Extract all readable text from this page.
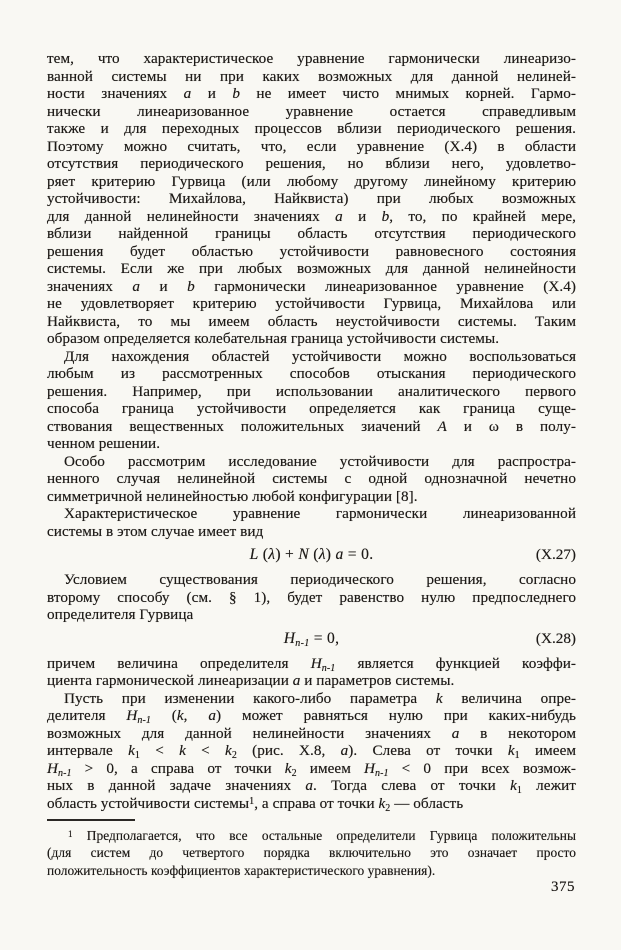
тем, что характеристическое уравнение гармонически линеаризо-
ванной системы ни при каких возможных для данной нелиней-
ности значениях a и b не имеет чисто мнимых корней. Гармо-
нически линеаризованное уравнение остается справедливым
также и для переходных процессов вблизи периодического решения.
Поэтому можно считать, что, если уравнение (X.4) в области
отсутствия периодического решения, но вблизи него, удовлетво-
ряет критерию Гурвица (или любому другому линейному критерию
устойчивости: Михайлова, Найквиста) при любых возможных
для данной нелинейности значениях a и b, то, по крайней мере,
вблизи найденной границы область отсутствия периодического
решения будет областью устойчивости равновесного состояния
системы. Если же при любых возможных для данной нелинейности
значениях a и b гармонически линеаризованное уравнение (X.4)
не удовлетворяет критерию устойчивости Гурвица, Михайлова или
Найквиста, то мы имеем область неустойчивости системы. Таким
образом определяется колебательная граница устойчивости системы.
Для нахождения областей устойчивости можно воспользоваться
любым из рассмотренных способов отыскания периодического
решения. Например, при использовании аналитического первого
способа граница устойчивости определяется как граница суще-
ствования вещественных положительных зиачений A и ω в полу-
ченном решении.
Особо рассмотрим исследование устойчивости для распростра-
ненного случая нелинейной системы с одной однозначной нечетно
симметричной нелинейностью любой конфигурации [8].
Характеристическое уравнение гармонически линеаризованной
системы в этом случае имеет вид
L (λ) + N (λ) a = 0.	(X.27)
Условием существования периодического решения, согласно
второму способу (см. § 1), будет равенство нулю предпоследнего
определителя Гурвица
$H_{n-1} = 0$,	(X.28)
причем величина определителя $H_{n-1}$ является функцией коэффи-
циента гармонической линеаризации a и параметров системы.
Пусть при изменении какого-либо параметра k величина опре-
делителя $H_{n-1}$ (k, a) может равняться нулю при каких-нибудь
возможных для данной нелинейности значениях a в некотором
интервале $k_1 < k < k_2$ (рис. X.8, a). Слева от точки $k_1$ имеем
$H_{n-1} > 0$, а справа от точки $k_2$ имеем $H_{n-1} < 0$ при всех возмож-
ных в данной задаче значениях a. Тогда слева от точки $k_1$ лежит
область устойчивости системы$^1$, а справа от точки $k_2$ — область
$^1$ Предполагается, что все остальные определители Гурвица положительны
(для систем до четвертого порядка включительно это означает просто
положительность коэффициентов характеристического уравнения).
375
